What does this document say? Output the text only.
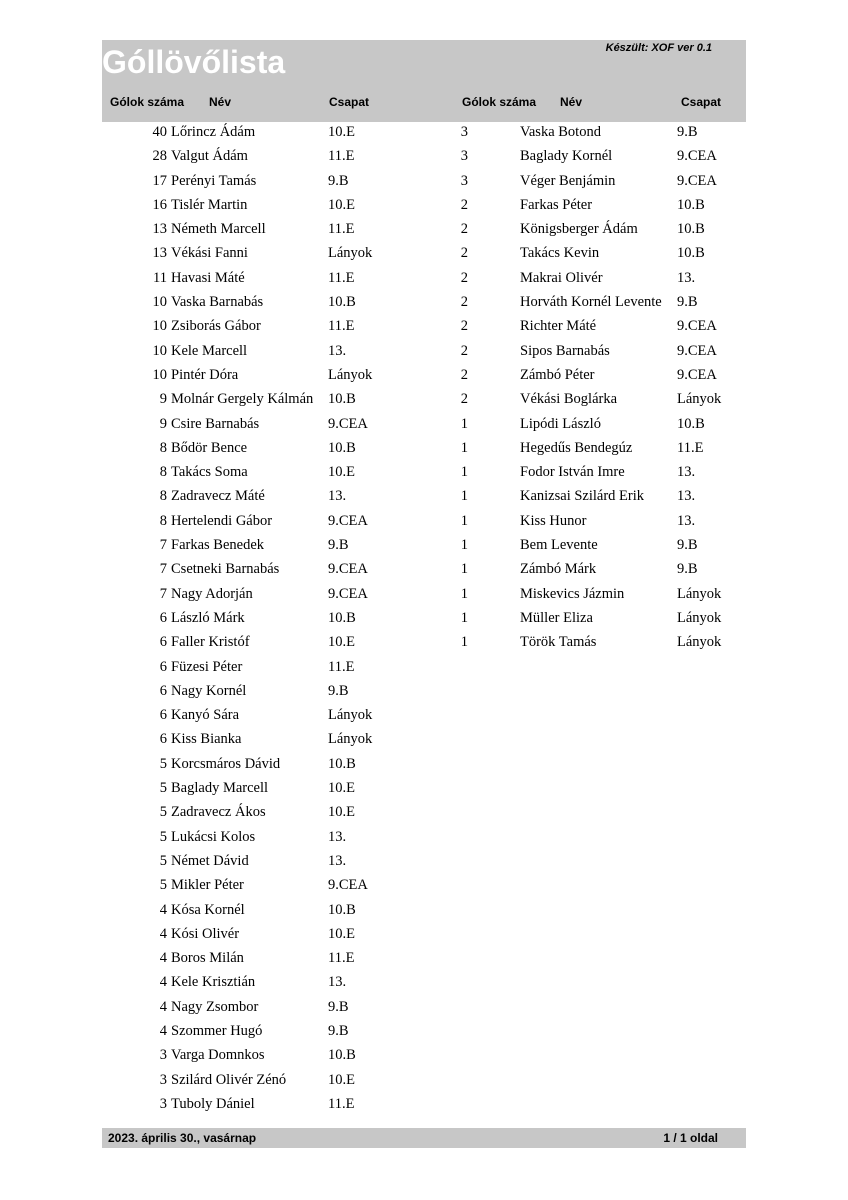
Góllövőlista	Készült: XOF ver 0.1
Gólok száma Név	Csapat	Gólok száma Név	Csapat
40 Lőrincz Ádám	10.E
28 Valgut Ádám	11.E
17 Perényi Tamás	9.B
16 Tislér Martin	10.E
13 Németh Marcell	11.E
13 Vékási Fanni	Lányok
11 Havasi Máté	11.E
10 Vaska Barnabás	10.B
10 Zsiborás Gábor	11.E
10 Kele Marcell	13.
10 Pintér Dóra	Lányok
9 Molnár Gergely Kálmán 10.B
9 Csire Barnabás	9.CEA
8 Bődör Bence	10.B
8 Takács Soma	10.E
8 Zadravecz Máté	13.
8 Hertelendi Gábor	9.CEA
7 Farkas Benedek	9.B
7 Csetneki Barnabás	9.CEA
7 Nagy Adorján	9.CEA
6 László Márk	10.B
6 Faller Kristóf	10.E
6 Füzesi Péter	11.E
6 Nagy Kornél	9.B
6 Kanyó Sára	Lányok
6 Kiss Bianka	Lányok
5 Korcsmáros Dávid	10.B
5 Baglady Marcell	10.E
5 Zadravecz Ákos	10.E
5 Lukácsi Kolos	13.
5 Német Dávid	13.
5 Mikler Péter	9.CEA
4 Kósa Kornél	10.B
4 Kósi Olivér	10.E
4 Boros Milán	11.E
4 Kele Krisztián	13.
4 Nagy Zsombor	9.B
4 Szommer Hugó	9.B
3 Varga Domnkos	10.B
3 Szilárd Olivér Zénó	10.E
3 Tuboly Dániel	11.E
3	Vaska Botond	9.B
3	Baglady Kornél	9.CEA
3	Véger Benjámin	9.CEA
2	Farkas Péter	10.B
2	Königsberger Ádám	10.B
2	Takács Kevin	10.B
2	Makrai Olivér	13.
2	Horváth Kornél Levente 9.B
2	Richter Máté	9.CEA
2	Sipos Barnabás	9.CEA
2	Zámbó Péter	9.CEA
2	Vékási Boglárka	Lányok
1	Lipódi László	10.B
1	Hegedűs Bendegúz	11.E
1	Fodor István Imre	13.
1	Kanizsai Szilárd Erik 13.
1	Kiss Hunor	13.
1	Bem Levente	9.B
1	Zámbó Márk	9.B
1	Miskevics Jázmin	Lányok
1	Müller Eliza	Lányok
1	Török Tamás	Lányok
2023. április 30., vasárnap	1 / 1 oldal
